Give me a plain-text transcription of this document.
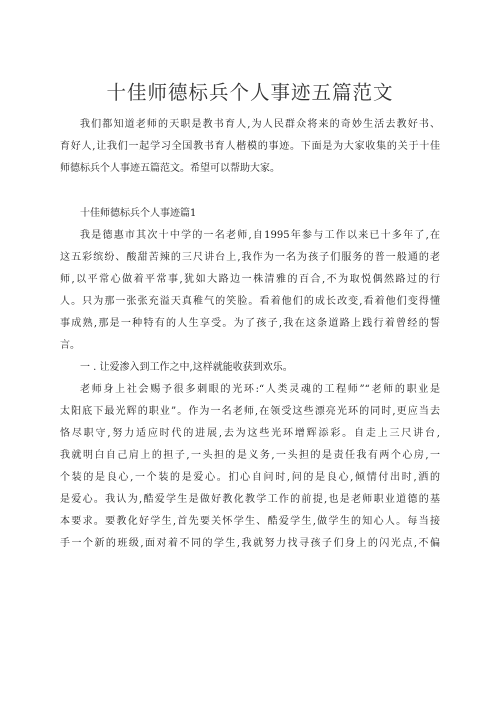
十佳师德标兵个人事迹五篇范文
我们都知道老师的天职是教书育人,为人民群众将来的奇妙生活去教好书、
育好人,让我们一起学习全国教书育人楷模的事迹。下面是为大家收集的关于十佳
师德标兵个人事迹五篇范文。希望可以帮助大家。
十佳师德标兵个人事迹篇1
我是德惠市其次十中学的一名老师,自1995年参与工作以来已十多年了,在
这五彩缤纷、酸甜苦辣的三尺讲台上,我作为一名为孩子们服务的普一般通的老
师,以平常心做着平常事,犹如大路边一株清雅的百合,不为取悦偶然路过的行
人。只为那一张张充溢天真稚气的笑脸。看着他们的成长改变,看着他们变得懂
事成熟,那是一种特有的人生享受。为了孩子,我在这条道路上践行着曾经的誓
言。
一 . 让爱渗入到工作之中,这样就能收获到欢乐。
老师身上社会赐予很多刺眼的光环:“人类灵魂的工程师”“老师的职业是
太阳底下最光辉的职业”。作为一名老师,在领受这些漂亮光环的同时,更应当去
恪尽职守,努力适应时代的进展,去为这些光环增辉添彩。自走上三尺讲台,
我就明白自己肩上的担子,一头担的是义务,一头担的是责任我有两个心房,一
个装的是良心,一个装的是爱心。扪心自问时,问的是良心,倾情付出时,洒的
是爱心。我认为,酷爱学生是做好教化教学工作的前提,也是老师职业道德的基
本要求。要教化好学生,首先要关怀学生、酷爱学生,做学生的知心人。每当接
手一个新的班级,面对着不同的学生,我就努力找寻孩子们身上的闪光点,不偏
